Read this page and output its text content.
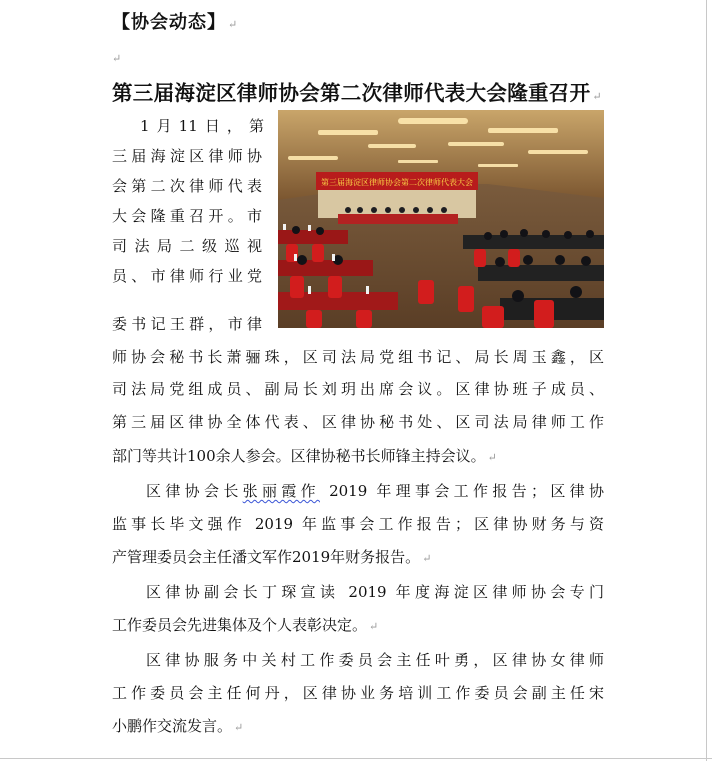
【协会动态】 ↵
↵
第三届海淀区律师协会第二次律师代表大会隆重召开 ↵
第三届海淀区律师协会第二次律师代表大会
1月11日，第
三届海淀区律师协
会第二次律师代表
大会隆重召开。市
司法局二级巡视
员、市律师行业党
委书记王群，市律
师协会秘书长萧骊珠，区司法局党组书记、局长周玉鑫，区
司法局党组成员、副局长刘玥出席会议。区律协班子成员、
第三届区律协全体代表、区律协秘书处、区司法局律师工作
部门等共计100余人参会。区律协秘书长师锋主持会议。 ↵
区律协会长张丽霞作 2019 年理事会工作报告；区律协
监事长毕文强作 2019 年监事会工作报告；区律协财务与资
产管理委员会主任潘文军作2019年财务报告。 ↵
区律协副会长丁琛宣读 2019 年度海淀区律师协会专门
工作委员会先进集体及个人表彰决定。 ↵
区律协服务中关村工作委员会主任叶勇，区律协女律师
工作委员会主任何丹，区律协业务培训工作委员会副主任宋
小鹏作交流发言。 ↵
